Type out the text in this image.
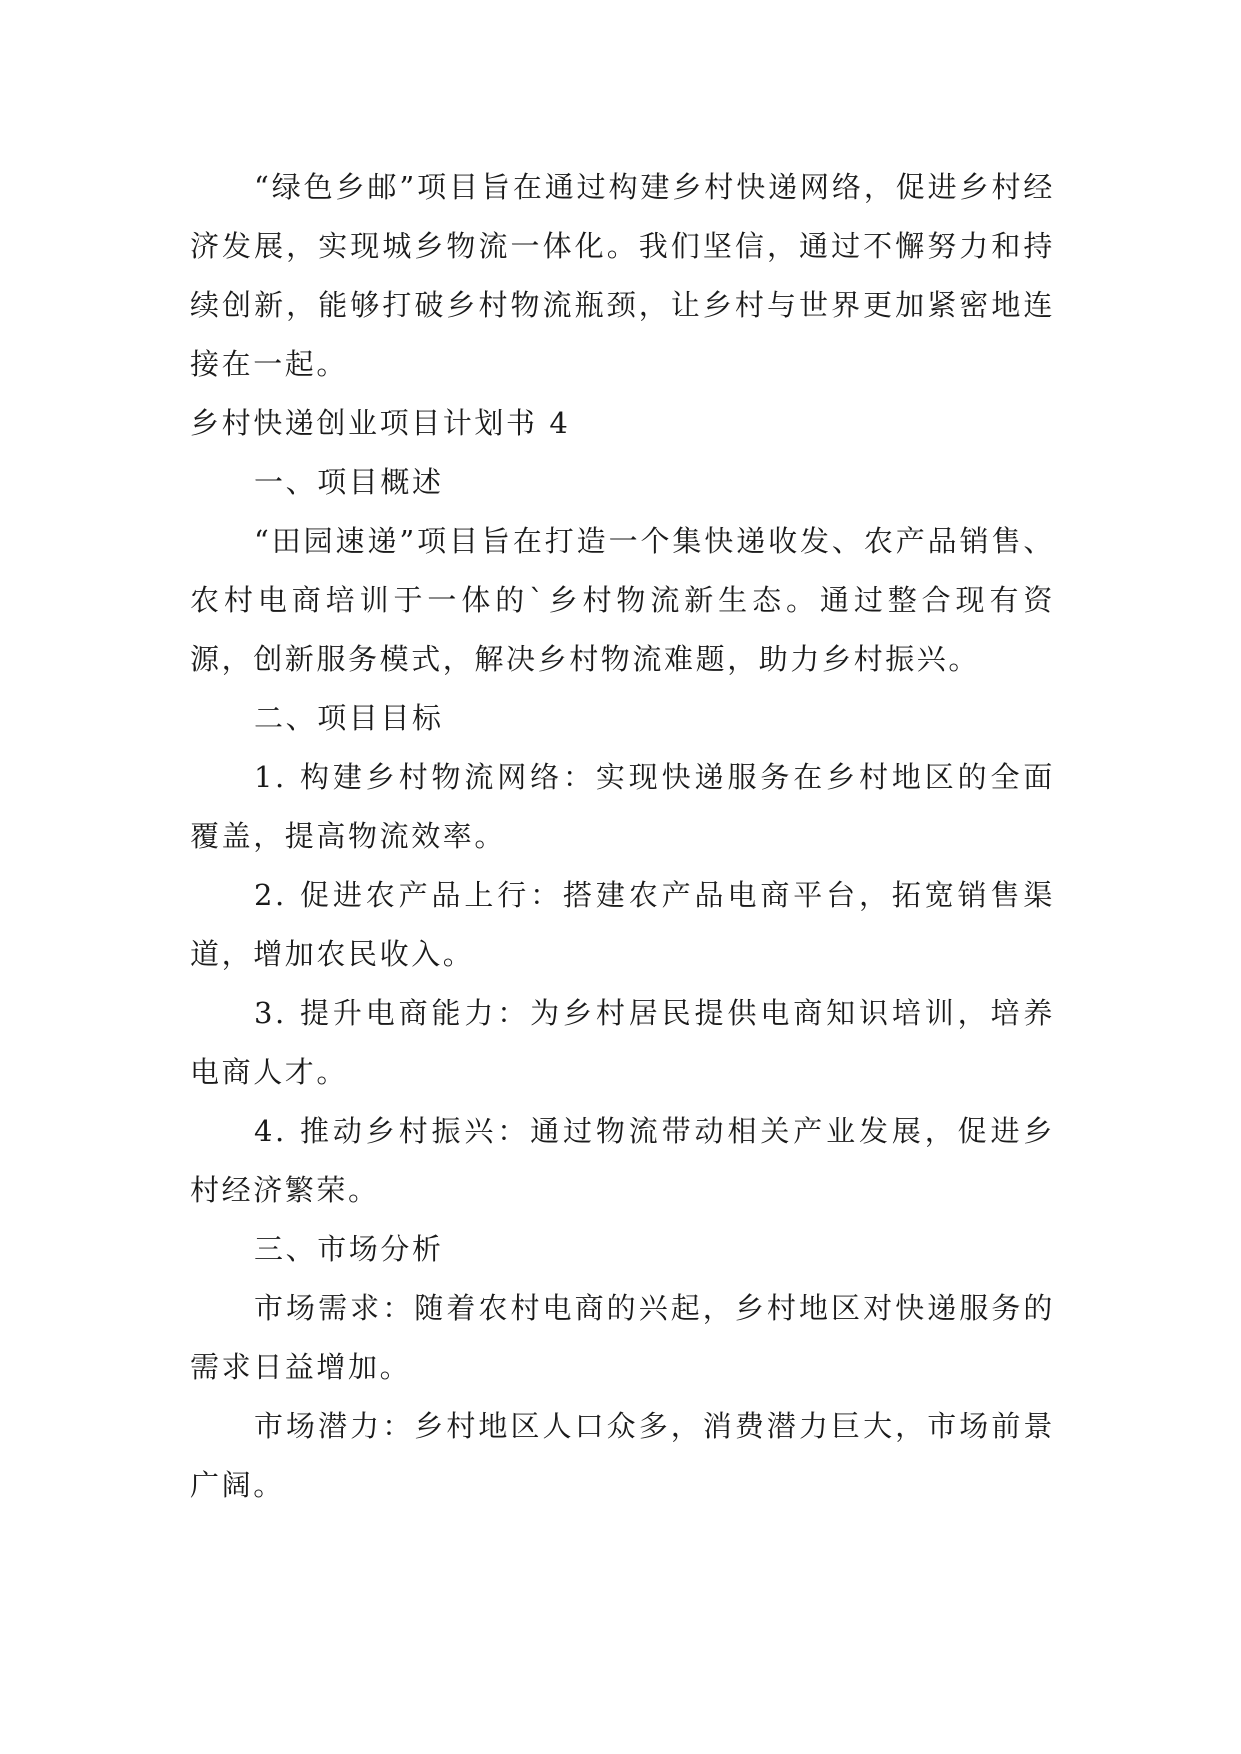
“绿色乡邮”项目旨在通过构建乡村快递网络，促进乡村经济发展，实现城乡物流一体化。我们坚信，通过不懈努力和持续创新，能够打破乡村物流瓶颈，让乡村与世界更加紧密地连接在一起。

乡村快递创业项目计划书 4

一、项目概述

“田园速递”项目旨在打造一个集快递收发、农产品销售、农村电商培训于一体的`乡村物流新生态。通过整合现有资源，创新服务模式，解决乡村物流难题，助力乡村振兴。

二、项目目标

1. 构建乡村物流网络：实现快递服务在乡村地区的全面覆盖，提高物流效率。

2. 促进农产品上行：搭建农产品电商平台，拓宽销售渠道，增加农民收入。

3. 提升电商能力：为乡村居民提供电商知识培训，培养电商人才。

4. 推动乡村振兴：通过物流带动相关产业发展，促进乡村经济繁荣。

三、市场分析

市场需求：随着农村电商的兴起，乡村地区对快递服务的需求日益增加。

市场潜力：乡村地区人口众多，消费潜力巨大，市场前景广阔。
